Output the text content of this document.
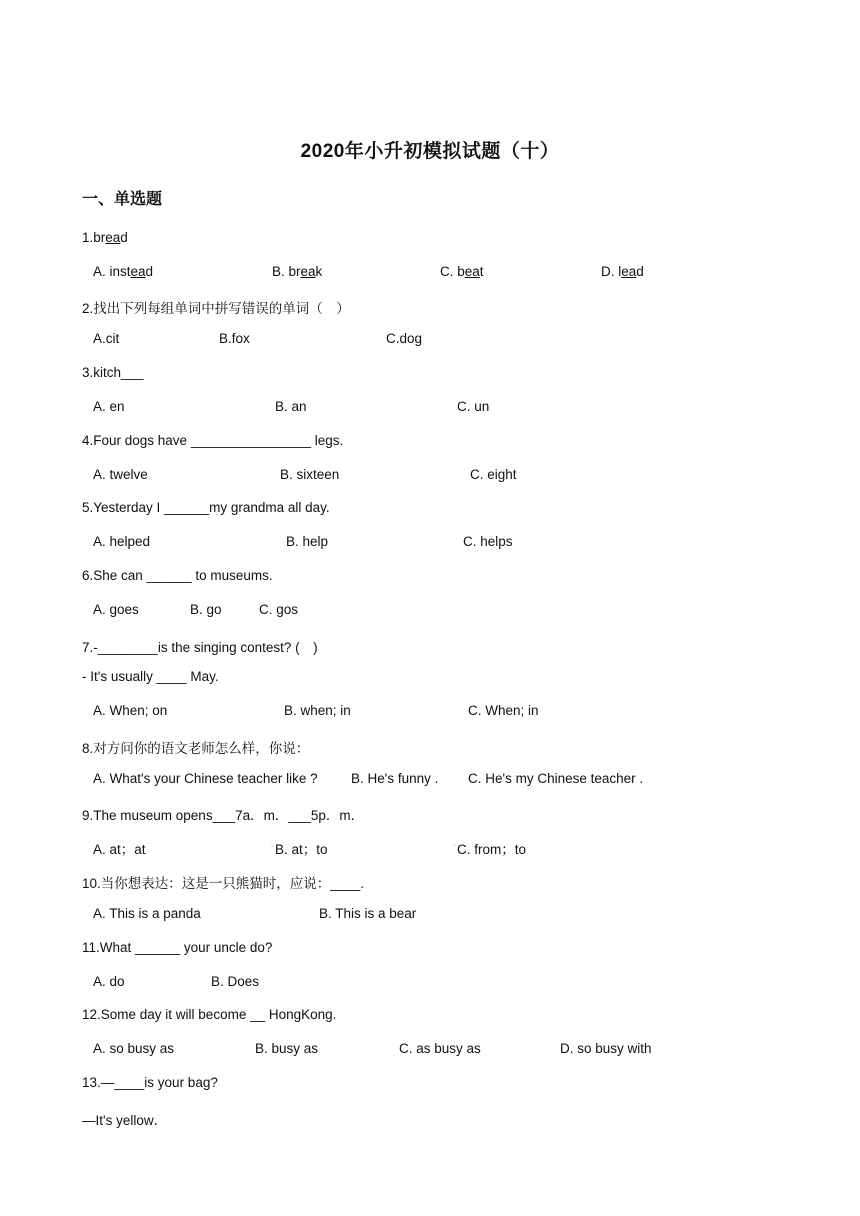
2020年小升初模拟试题（十）
一、单选题
1.bread
A. instead	B. break	C. beat	D. lead
2.找出下列每组单词中拼写错误的单词（　）
A.cit	B.fox	C.dog
3.kitch___
A. en	B. an	C. un
4.Four dogs have ________________ legs.
A. twelve	B. sixteen	C. eight
5.Yesterday I ______my grandma all day.
A. helped	B. help	C. helps
6.She can ______ to museums.
A. goes	B. go	C. gos
7.-________is the singing contest? (　)
- It's usually ____ May.
A. When; on	B. when; in	C. When; in
8.对方问你的语文老师怎么样，你说：
A. What's your Chinese teacher like ? B. He's funny . C. He's my Chinese teacher .
9.The museum opens___7a．m．___5p．m．
A. at；at	◦ B. at；to	◦ C. from；to
10.当你想表达：这是一只熊猫时，应说：____.
A. This is a panda	B. This is a bear
11.What ______ your uncle do?
A. do	B. Does
12.Some day it will become __ HongKong.
A. so busy as	B. busy as	C. as busy as	D. so busy with
13.—____is your bag?
—It's yellow．
